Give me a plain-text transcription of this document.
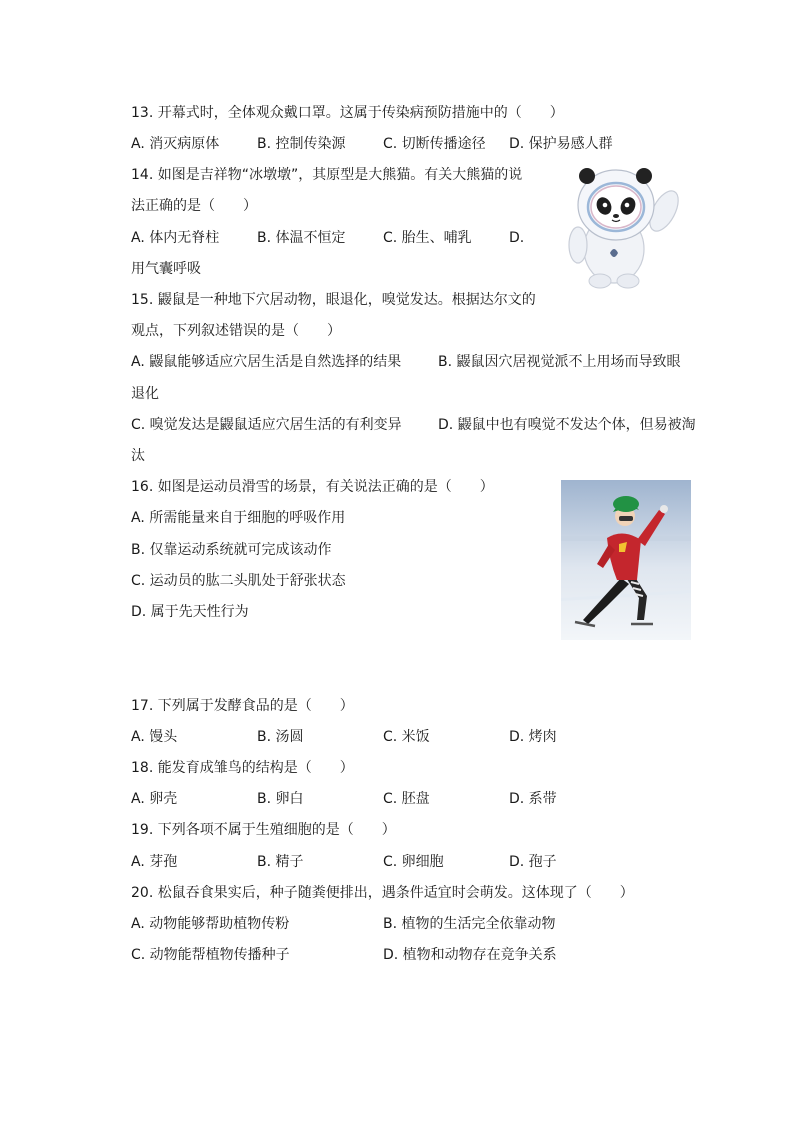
13. 开幕式时，全体观众戴口罩。这属于传染病预防措施中的（　　）
A. 消灭病原体	B. 控制传染源	C. 切断传播途径 D. 保护易感人群
14. 如图是吉祥物“冰墩墩”，其原型是大熊猫。有关大熊猫的说
法正确的是（　　）
A. 体内无脊柱	B. 体温不恒定	C. 胎生、哺乳	D.
用气囊呼吸
15. 鼹鼠是一种地下穴居动物，眼退化，嗅觉发达。根据达尔文的
观点，下列叙述错误的是（　　）
A. 鼹鼠能够适应穴居生活是自然选择的结果	B. 鼹鼠因穴居视觉派不上用场而导致眼
退化
C. 嗅觉发达是鼹鼠适应穴居生活的有利变异	D. 鼹鼠中也有嗅觉不发达个体，但易被淘
汰
16. 如图是运动员滑雪的场景，有关说法正确的是（　　）
A. 所需能量来自于细胞的呼吸作用
B. 仅靠运动系统就可完成该动作
C. 运动员的肱二头肌处于舒张状态
D. 属于先天性行为
17. 下列属于发酵食品的是（　　）
A. 馒头	B. 汤圆	C. 米饭	D. 烤肉
18. 能发育成雏鸟的结构是（　　）
A. 卵壳	B. 卵白	C. 胚盘	D. 系带
19. 下列各项不属于生殖细胞的是（　　）
A. 芽孢	B. 精子	C. 卵细胞	D. 孢子
20. 松鼠吞食果实后，种子随粪便排出，遇条件适宜时会萌发。这体现了（　　）
A. 动物能够帮助植物传粉	B. 植物的生活完全依靠动物
C. 动物能帮植物传播种子	D. 植物和动物存在竞争关系
